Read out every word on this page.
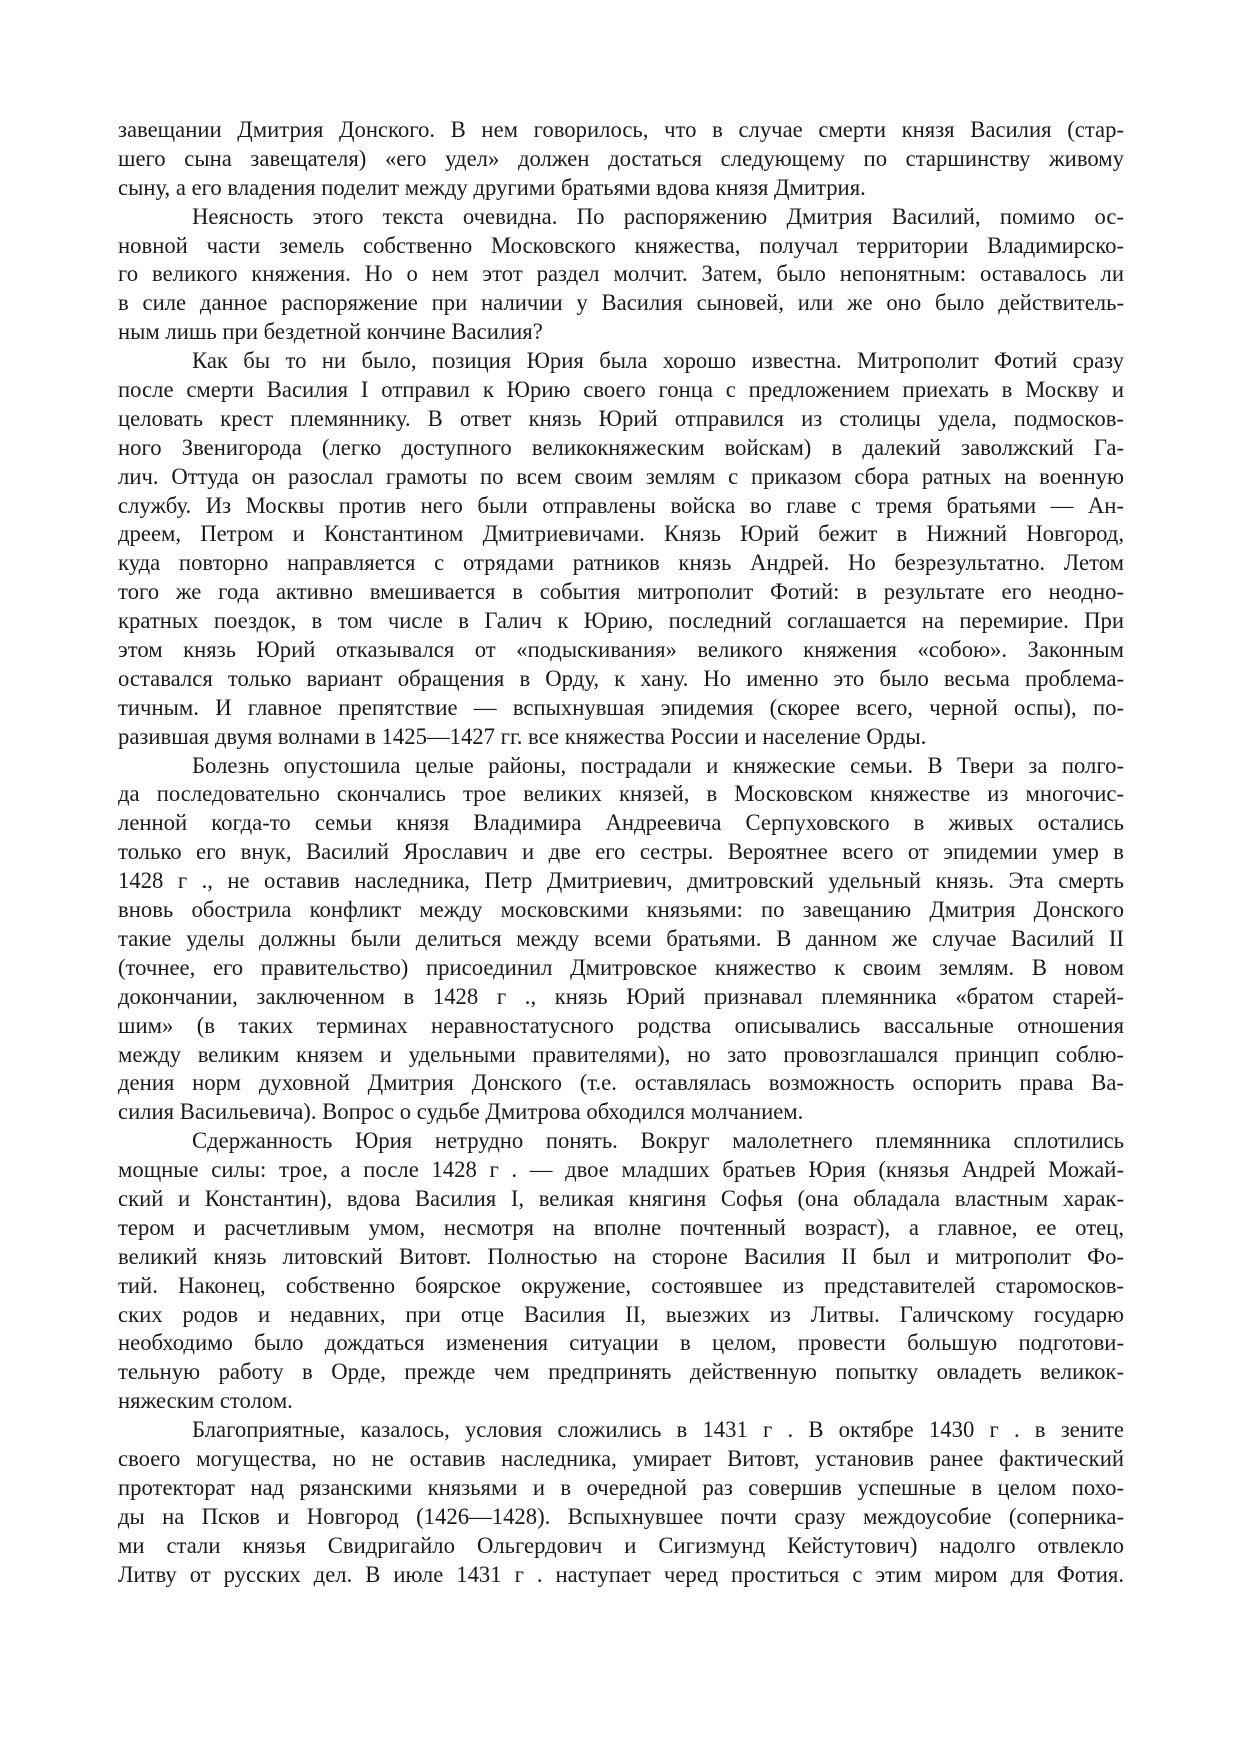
завещании Дмитрия Донского. В нем говорилось, что в случае смерти князя Василия (стар-
шего сына завещателя) «его удел» должен достаться следующему по старшинству живому
сыну, а его владения поделит между другими братьями вдова князя Дмитрия.
Неясность этого текста очевидна. По распоряжению Дмитрия Василий, помимо ос-
новной части земель собственно Московского княжества, получал территории Владимирско-
го великого княжения. Но о нем этот раздел молчит. Затем, было непонятным: оставалось ли
в силе данное распоряжение при наличии у Василия сыновей, или же оно было действитель-
ным лишь при бездетной кончине Василия?
Как бы то ни было, позиция Юрия была хорошо известна. Митрополит Фотий сразу
после смерти Василия I отправил к Юрию своего гонца с предложением приехать в Москву и
целовать крест племяннику. В ответ князь Юрий отправился из столицы удела, подмосков-
ного Звенигорода (легко доступного великокняжеским войскам) в далекий заволжский Га-
лич. Оттуда он разослал грамоты по всем своим землям с приказом сбора ратных на военную
службу. Из Москвы против него были отправлены войска во главе с тремя братьями — Ан-
дреем, Петром и Константином Дмитриевичами. Князь Юрий бежит в Нижний Новгород,
куда повторно направляется с отрядами ратников князь Андрей. Но безрезультатно. Летом
того же года активно вмешивается в события митрополит Фотий: в результате его неодно-
кратных поездок, в том числе в Галич к Юрию, последний соглашается на перемирие. При
этом князь Юрий отказывался от «подыскивания» великого княжения «собою». Законным
оставался только вариант обращения в Орду, к хану. Но именно это было весьма проблема-
тичным. И главное препятствие — вспыхнувшая эпидемия (скорее всего, черной оспы), по-
разившая двумя волнами в 1425—1427 гг. все княжества России и население Орды.
Болезнь опустошила целые районы, пострадали и княжеские семьи. В Твери за полго-
да последовательно скончались трое великих князей, в Московском княжестве из многочис-
ленной когда-то семьи князя Владимира Андреевича Серпуховского в живых остались
только его внук, Василий Ярославич и две его сестры. Вероятнее всего от эпидемии умер в
1428 г ., не оставив наследника, Петр Дмитриевич, дмитровский удельный князь. Эта смерть
вновь обострила конфликт между московскими князьями: по завещанию Дмитрия Донского
такие уделы должны были делиться между всеми братьями. В данном же случае Василий II
(точнее, его правительство) присоединил Дмитровское княжество к своим землям. В новом
докончании, заключенном в 1428 г ., князь Юрий признавал племянника «братом старей-
шим» (в таких терминах неравностатусного родства описывались вассальные отношения
между великим князем и удельными правителями), но зато провозглашался принцип соблю-
дения норм духовной Дмитрия Донского (т.е. оставлялась возможность оспорить права Ва-
силия Васильевича). Вопрос о судьбе Дмитрова обходился молчанием.
Сдержанность Юрия нетрудно понять. Вокруг малолетнего племянника сплотились
мощные силы: трое, а после 1428 г . — двое младших братьев Юрия (князья Андрей Можай-
ский и Константин), вдова Василия I, великая княгиня Софья (она обладала властным харак-
тером и расчетливым умом, несмотря на вполне почтенный возраст), а главное, ее отец,
великий князь литовский Витовт. Полностью на стороне Василия II был и митрополит Фо-
тий. Наконец, собственно боярское окружение, состоявшее из представителей старомосков-
ских родов и недавних, при отце Василия II, выезжих из Литвы. Галичскому государю
необходимо было дождаться изменения ситуации в целом, провести большую подготови-
тельную работу в Орде, прежде чем предпринять действенную попытку овладеть великок-
няжеским столом.
Благоприятные, казалось, условия сложились в 1431 г . В октябре 1430 г . в зените
своего могущества, но не оставив наследника, умирает Витовт, установив ранее фактический
протекторат над рязанскими князьями и в очередной раз совершив успешные в целом похо-
ды на Псков и Новгород (1426—1428). Вспыхнувшее почти сразу междоусобие (соперника-
ми стали князья Свидригайло Ольгердович и Сигизмунд Кейстутович) надолго отвлекло
Литву от русских дел. В июле 1431 г . наступает черед проститься с этим миром для Фотия.
